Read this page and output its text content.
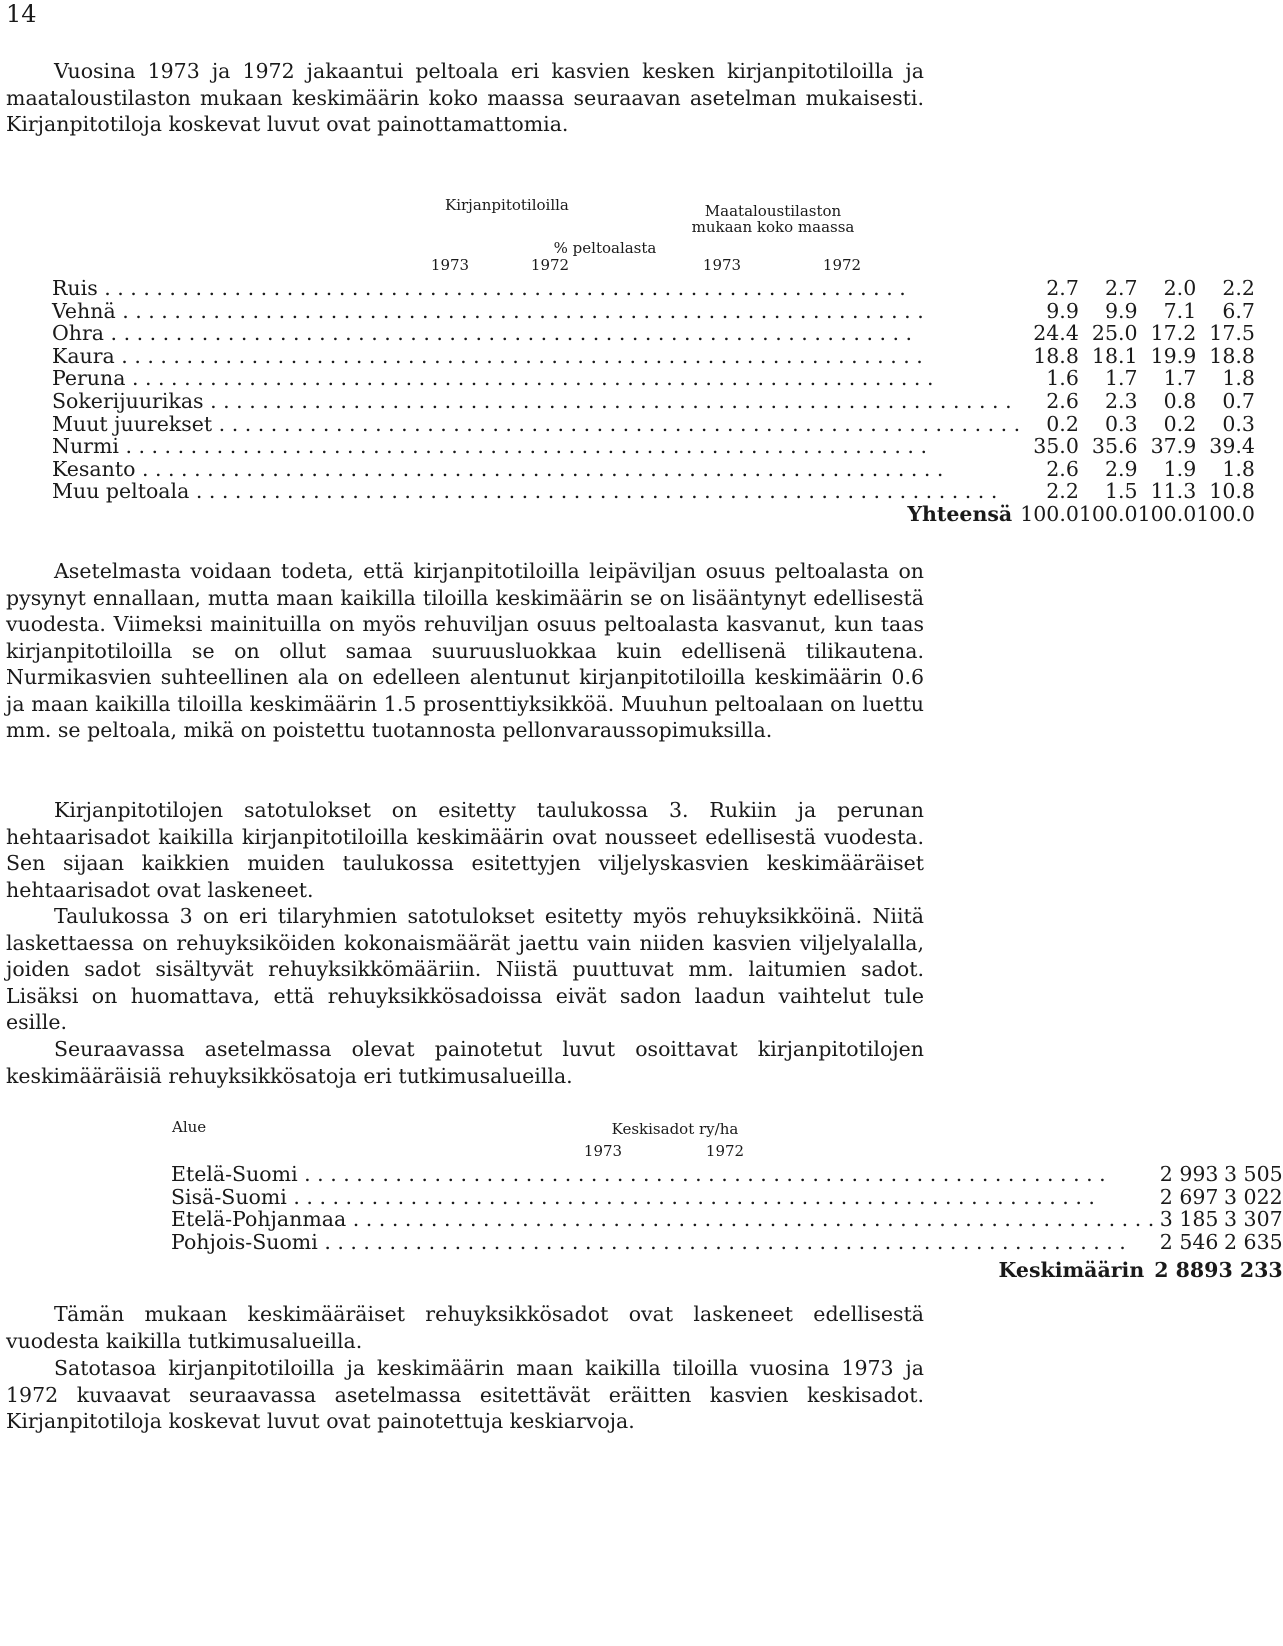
14

Vuosina 1973 ja 1972 jakaantui peltoala eri kasvien kesken kirjanpitotiloilla ja maataloustilaston mukaan keskimäärin koko maassa seuraavan asetelman mukaisesti. Kirjanpitotiloja koskevat luvut ovat painottamattomia.

Kirjanpitotiloilla	Maataloustilaston
mukaan koko maassa
% peltoalasta
1973	1972	1973	1972
Ruis . . .	2.7	2.7	2.0	2.2
Vehnä . . .	9.9	9.9	7.1	6.7
Ohra . . .	24.4	25.0	17.2	17.5
Kaura . . .	18.8	18.1	19.9	18.8
Peruna . . .	1.6	1.7	1.7	1.8
Sokerijuurikas . . .	2.6	2.3	0.8	0.7
Muut juurekset . . .	0.2	0.3	0.2	0.3
Nurmi . . .	35.0	35.6	37.9	39.4
Kesanto . . .	2.6	2.9	1.9	1.8
Muu peltoala . . .	2.2	1.5	11.3	10.8
Yhteensä	100.0	100.0	100.0	100.0

Asetelmasta voidaan todeta, että kirjanpitotiloilla leipäviljan osuus peltoalasta on pysynyt ennallaan, mutta maan kaikilla tiloilla keskimäärin se on lisääntynyt edellisestä vuodesta. Viimeksi mainituilla on myös rehuviljan osuus peltoalasta kasvanut, kun taas kirjanpitotiloilla se on ollut samaa suuruusluokkaa kuin edellisenä tilikautena. Nurmikasvien suhteellinen ala on edelleen alentunut kirjanpitotiloilla keskimäärin 0.6 ja maan kaikilla tiloilla keskimäärin 1.5 prosenttiyksikköä. Muuhun peltoalaan on luettu mm. se peltoala, mikä on poistettu tuotannosta pellonvaraussopimuksilla.

Kirjanpitotilojen satotulokset on esitetty taulukossa 3. Rukiin ja perunan hehtaarisadot kaikilla kirjanpitotiloilla keskimäärin ovat nousseet edellisestä vuodesta. Sen sijaan kaikkien muiden taulukossa esitettyjen viljelyskasvien keskimääräiset hehtaarisadot ovat laskeneet.

Taulukossa 3 on eri tilaryhmien satotulokset esitetty myös rehuyksikköinä. Niitä laskettaessa on rehuyksiköiden kokonaismäärät jaettu vain niiden kasvien viljelyalalla, joiden sadot sisältyvät rehuyksikkömääriin. Niistä puuttuvat mm. laitumien sadot. Lisäksi on huomattava, että rehuyksikkösadoissa eivät sadon laadun vaihtelut tule esille.

Seuraavassa asetelmassa olevat painotetut luvut osoittavat kirjanpitotilojen keskimääräisiä rehuyksikkösatoja eri tutkimusalueilla.

Alue	Keskisadot ry/ha
1973	1972
Etelä-Suomi . . .	2 993	3 505
Sisä-Suomi . . .	2 697	3 022
Etelä-Pohjanmaa . . .	3 185	3 307
Pohjois-Suomi . . .	2 546	2 635
Keskimäärin	2 889	3 233

Tämän mukaan keskimääräiset rehuyksikkösadot ovat laskeneet edellisestä vuodesta kaikilla tutkimusalueilla.

Satotasoa kirjanpitotiloilla ja keskimäärin maan kaikilla tiloilla vuosina 1973 ja 1972 kuvaavat seuraavassa asetelmassa esitettävät eräitten kasvien keskisadot. Kirjanpitotiloja koskevat luvut ovat painotettuja keskiarvoja.
